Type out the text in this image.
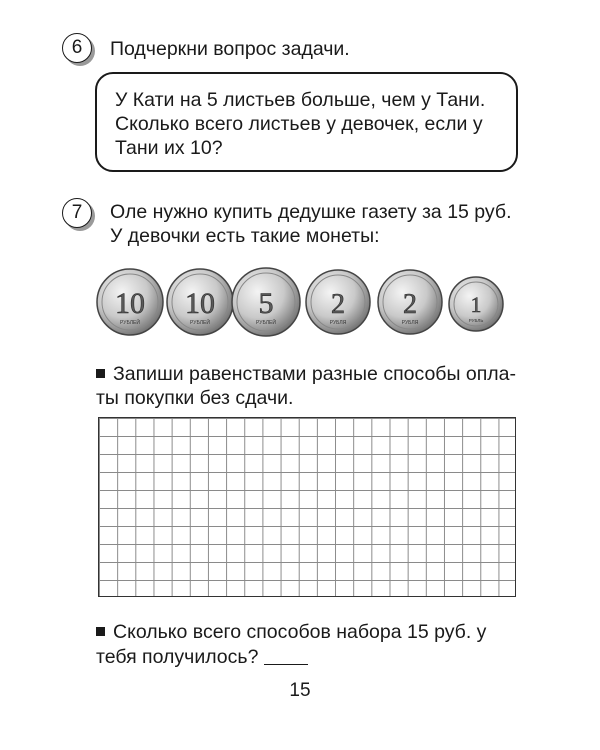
6 Подчеркни вопрос задачи.
У Кати на 5 листьев больше, чем у Тани.
Сколько всего листьев у девочек, если у
Тани их 10?
7 Оле нужно купить дедушке газету за 15 руб.
У девочки есть такие монеты:
10
РУБЛЕЙ
10
РУБЛЕЙ
5
РУБЛЕЙ
2
РУБЛЯ
2
РУБЛЯ
1
РУБЛЬ
Запиши равенствами разные способы опла-
ты покупки без сдачи.
Сколько всего способов набора 15 руб. у
тебя получилось?
15
